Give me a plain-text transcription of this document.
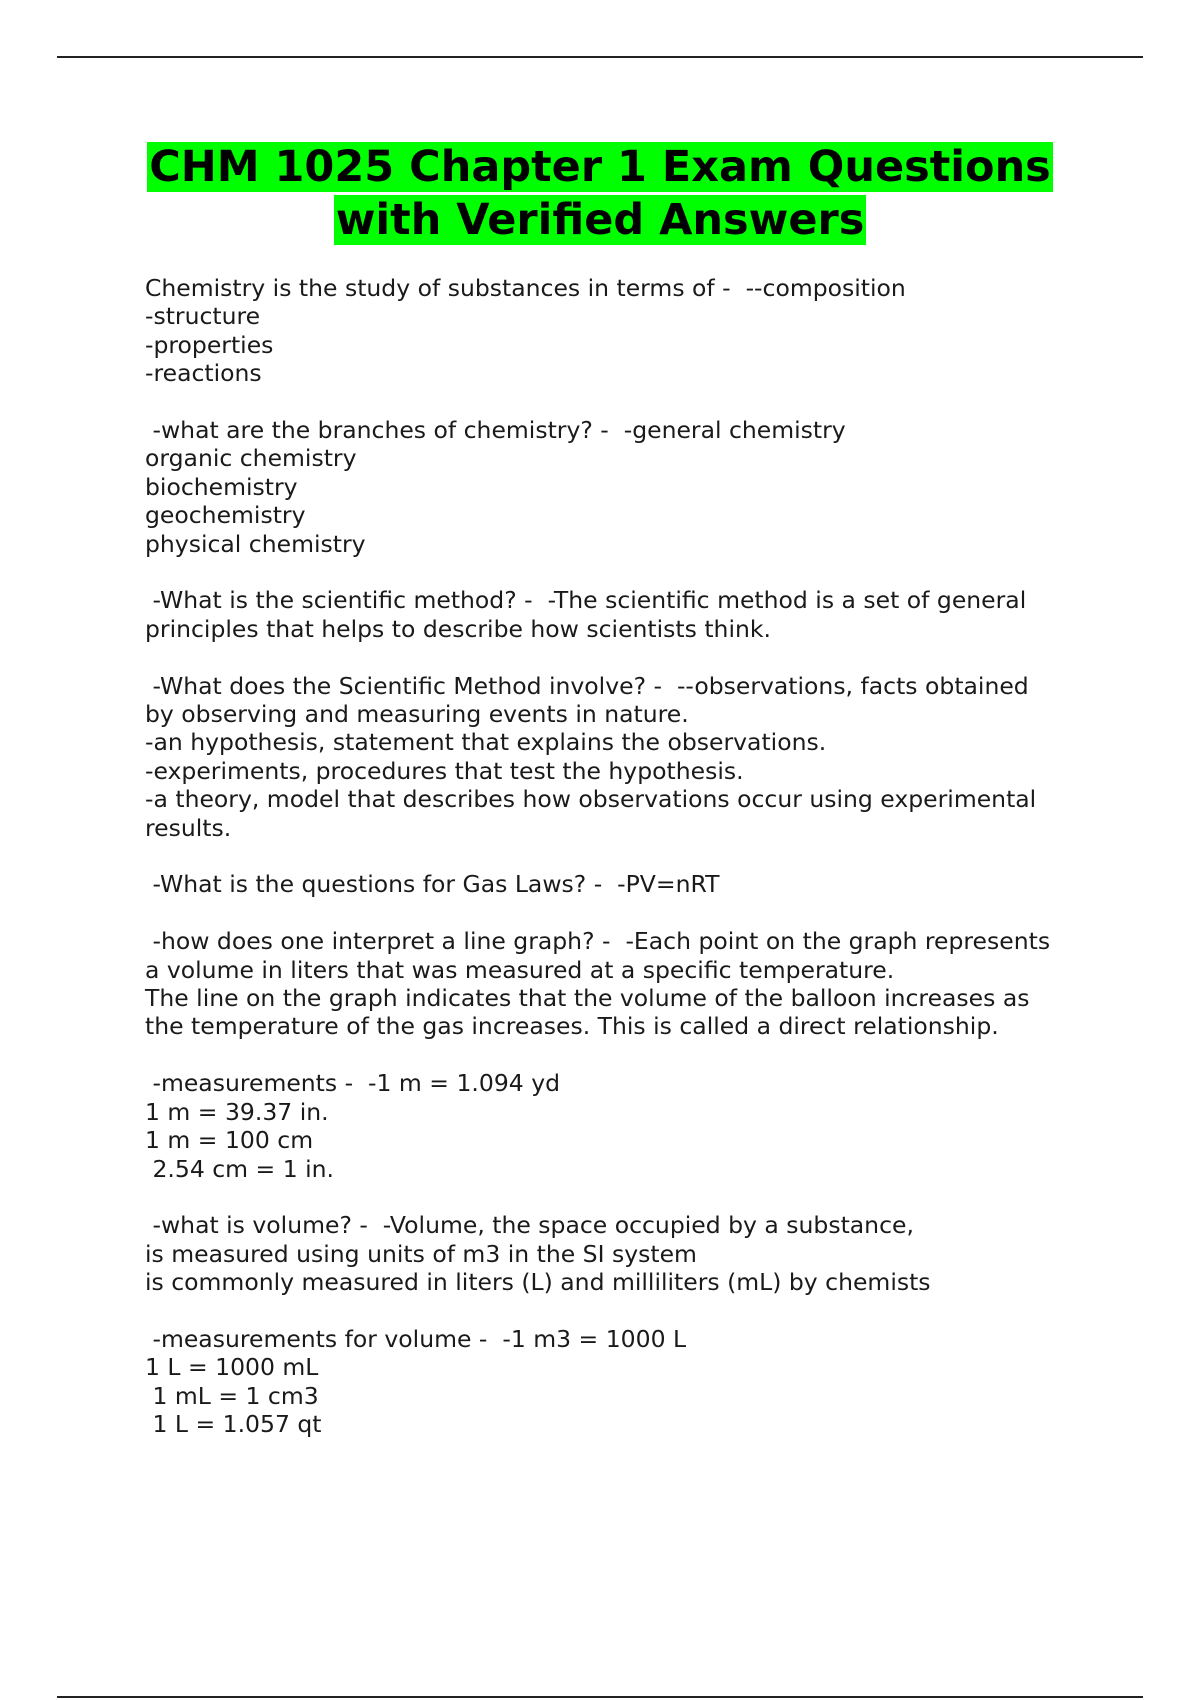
CHM 1025 Chapter 1 Exam Questions
with Verified Answers
Chemistry is the study of substances in terms of -  --composition
-structure
-properties
-reactions
-what are the branches of chemistry? -  -general chemistry
organic chemistry
biochemistry
geochemistry
physical chemistry
-What is the scientific method? -  -The scientific method is a set of general
principles that helps to describe how scientists think.
-What does the Scientific Method involve? -  --observations, facts obtained
by observing and measuring events in nature.
-an hypothesis, statement that explains the observations.
-experiments, procedures that test the hypothesis.
-a theory, model that describes how observations occur using experimental
results.
-What is the questions for Gas Laws? -  -PV=nRT
-how does one interpret a line graph? -  -Each point on the graph represents
a volume in liters that was measured at a specific temperature.
The line on the graph indicates that the volume of the balloon increases as
the temperature of the gas increases. This is called a direct relationship.
-measurements -  -1 m = 1.094 yd
1 m = 39.37 in.
1 m = 100 cm
2.54 cm = 1 in.
-what is volume? -  -Volume, the space occupied by a substance,
is measured using units of m3 in the SI system
is commonly measured in liters (L) and milliliters (mL) by chemists
-measurements for volume -  -1 m3 = 1000 L
1 L = 1000 mL
1 mL = 1 cm3
1 L = 1.057 qt
